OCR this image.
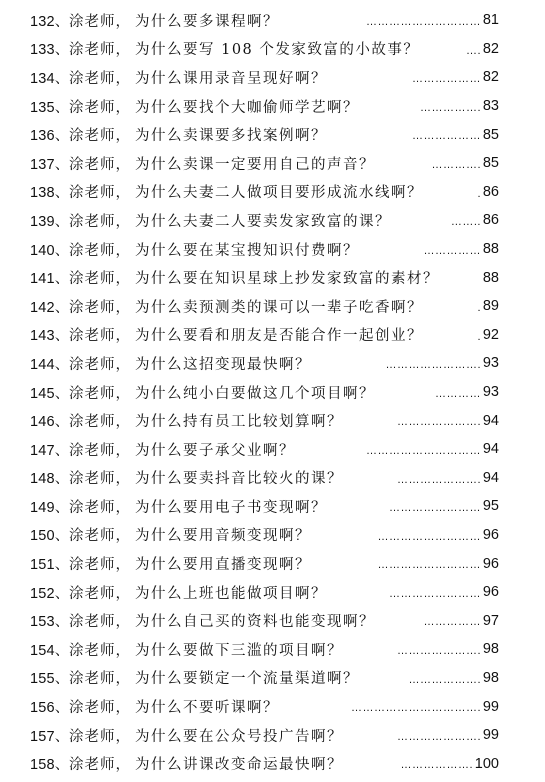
132、 涂老师， 为什么要多课程啊？	………………………… 81
133、 涂老师， 为什么要写 108 个发家致富的小故事？	…. 82
134、 涂老师， 为什么课用录音呈现好啊？	……………… 82
135、 涂老师， 为什么要找个大咖偷师学艺啊？	……………. 83
136、 涂老师， 为什么卖课要多找案例啊？	……………… 85
137、 涂老师， 为什么卖课一定要用自己的声音？	…………. 85
138、 涂老师， 为什么夫妻二人做项目要形成流水线啊？	. 86
139、 涂老师， 为什么夫妻二人要卖发家致富的课？	…….. 86
140、 涂老师， 为什么要在某宝搜知识付费啊？	…………… 88
141、 涂老师， 为什么要在知识星球上抄发家致富的素材？	88
142、 涂老师， 为什么卖预测类的课可以一辈子吃香啊？	. 89
143、 涂老师， 为什么要看和朋友是否能合作一起创业？	. 92
144、 涂老师， 为什么这招变现最快啊？	……………………. 93
145、 涂老师， 为什么纯小白要做这几个项目啊？	………… 93
146、 涂老师， 为什么持有员工比较划算啊？	…………………. 94
147、 涂老师， 为什么要子承父业啊？	………………………… 94
148、 涂老师， 为什么要卖抖音比较火的课？	…………………. 94
149、 涂老师， 为什么要用电子书变现啊？	…………………… 95
150、 涂老师， 为什么要用音频变现啊？	……………………… 96
151、 涂老师， 为什么要用直播变现啊？	……………………… 96
152、 涂老师， 为什么上班也能做项目啊？	…………………… 96
153、 涂老师， 为什么自己买的资料也能变现啊？	…………… 97
154、 涂老师， 为什么要做下三滥的项目啊？	…………………. 98
155、 涂老师， 为什么要锁定一个流量渠道啊？	………………. 98
156、 涂老师， 为什么不要听课啊？	……………………………. 99
157、 涂老师， 为什么要在公众号投广告啊？	…………………. 99
158、 涂老师， 为什么讲课改变命运最快啊？	………………. 100
